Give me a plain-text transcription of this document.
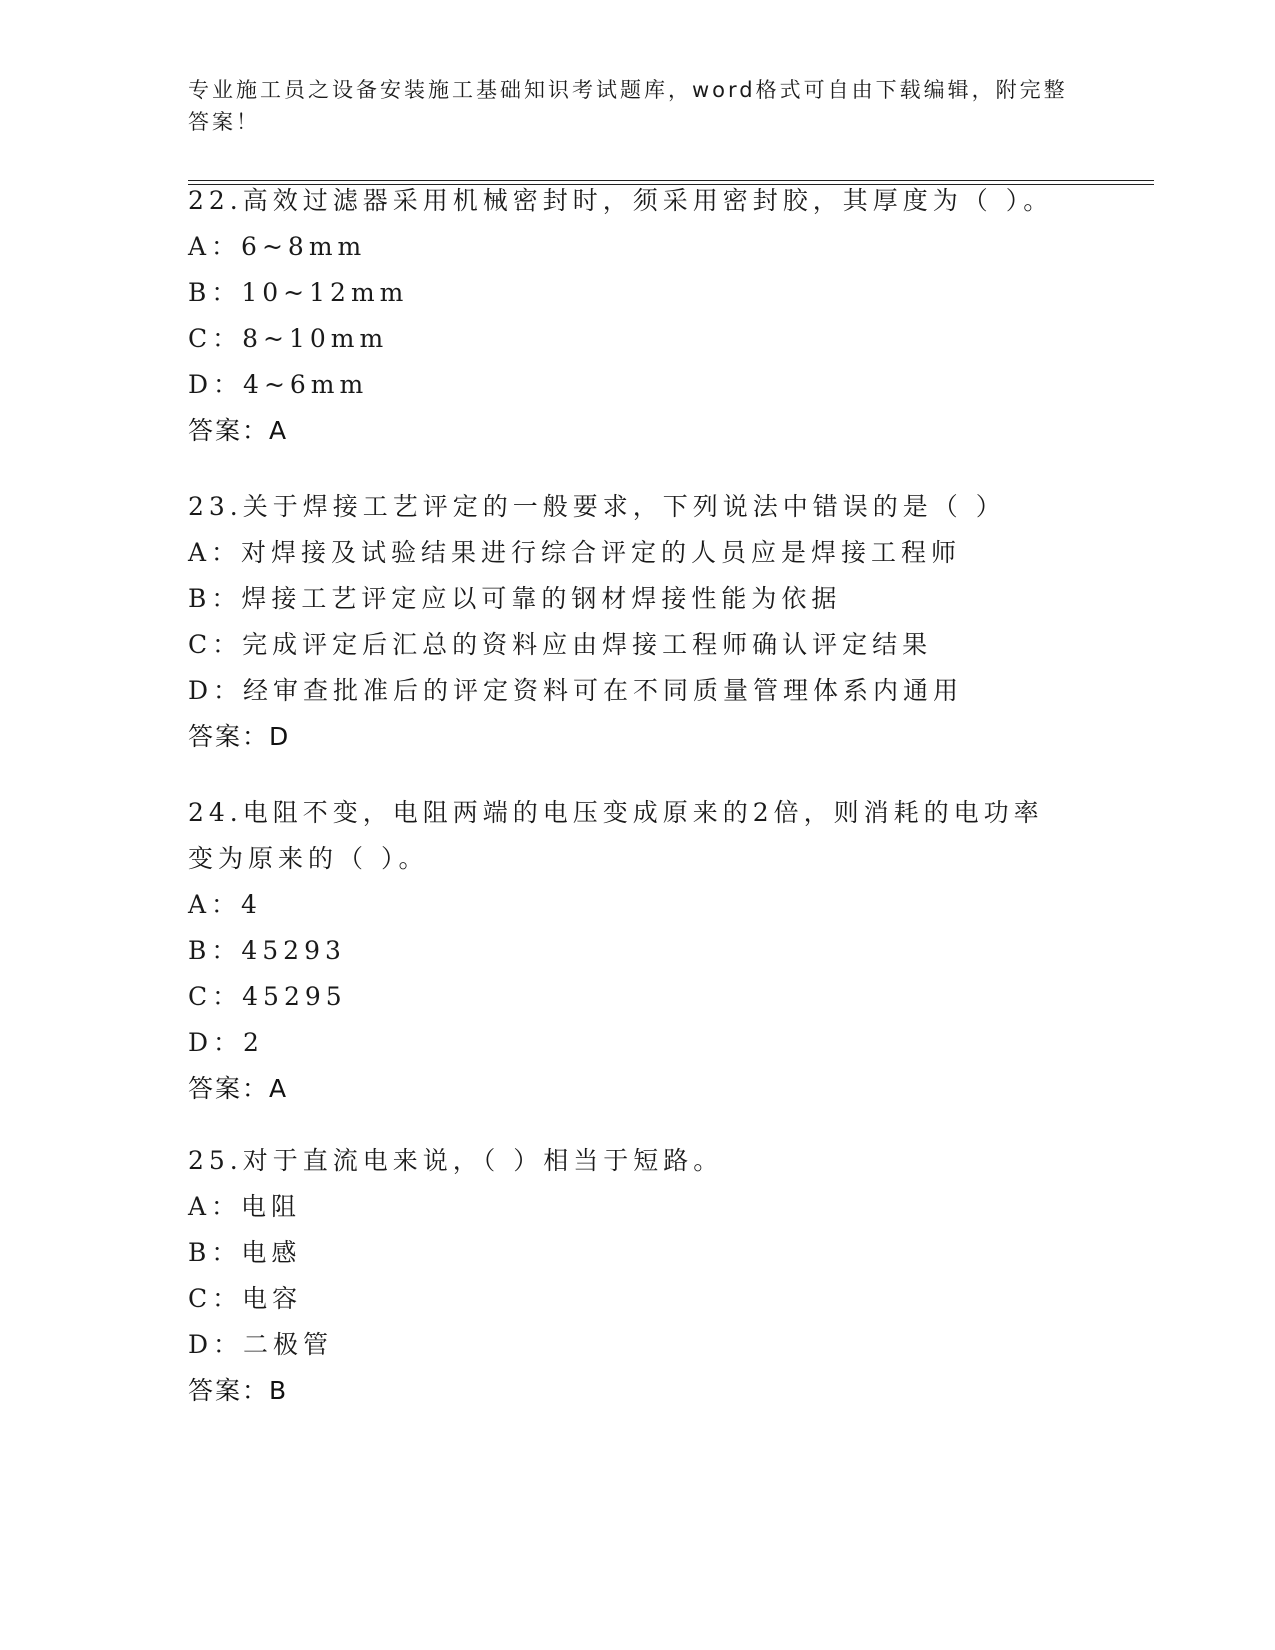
专业施工员之设备安装施工基础知识考试题库，word格式可自由下载编辑，附完整答案！
22.高效过滤器采用机械密封时，须采用密封胶，其厚度为（ ）。
A：6~8mm
B：10~12mm
C：8~10mm
D：4~6mm
答案：A
23.关于焊接工艺评定的一般要求，下列说法中错误的是（ ）
A：对焊接及试验结果进行综合评定的人员应是焊接工程师
B：焊接工艺评定应以可靠的钢材焊接性能为依据
C：完成评定后汇总的资料应由焊接工程师确认评定结果
D：经审查批准后的评定资料可在不同质量管理体系内通用
答案：D
24.电阻不变，电阻两端的电压变成原来的2倍，则消耗的电功率变为原来的（ ）。
A：4
B：45293
C：45295
D：2
答案：A
25.对于直流电来说，（ ）相当于短路。
A：电阻
B：电感
C：电容
D：二极管
答案：B
